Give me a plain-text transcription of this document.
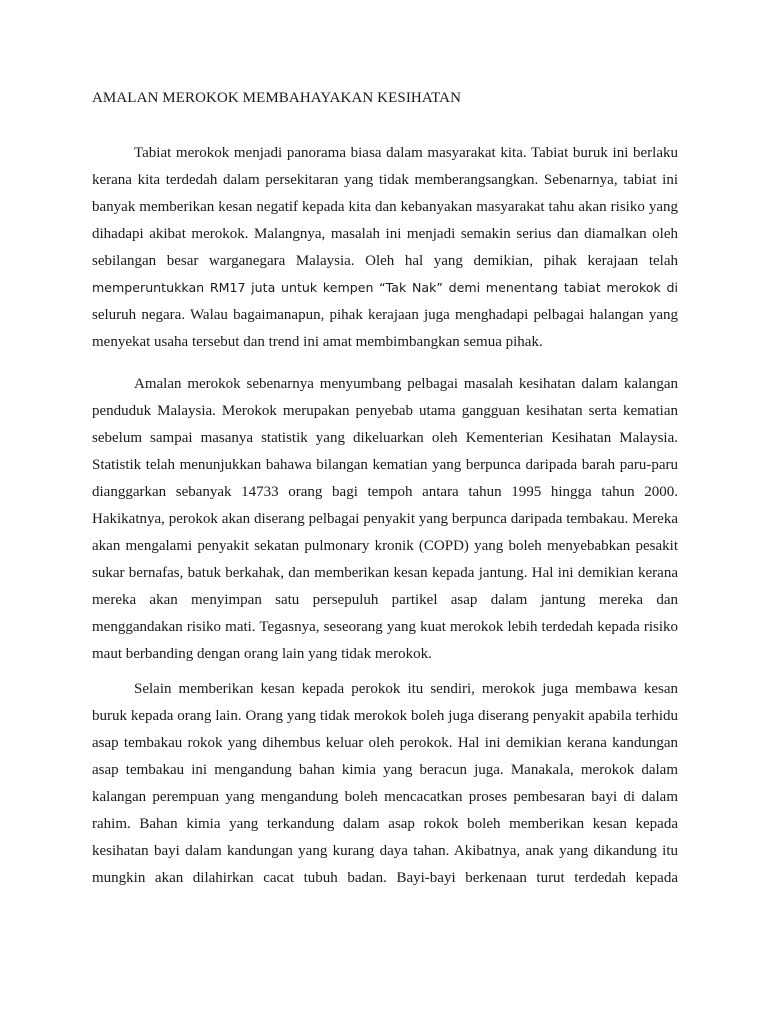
AMALAN MEROKOK MEMBAHAYAKAN KESIHATAN
Tabiat merokok menjadi panorama biasa dalam masyarakat kita. Tabiat buruk ini berlaku
kerana kita terdedah dalam persekitaran yang tidak memberangsangkan. Sebenarnya, tabiat ini
banyak memberikan kesan negatif kepada kita dan kebanyakan masyarakat tahu akan risiko yang
dihadapi akibat merokok. Malangnya, masalah ini menjadi semakin serius dan diamalkan oleh
sebilangan besar warganegara Malaysia. Oleh hal yang demikian, pihak kerajaan telah
memperuntukkan RM17 juta untuk kempen “Tak Nak” demi menentang tabiat merokok di
seluruh negara. Walau bagaimanapun, pihak kerajaan juga menghadapi pelbagai halangan yang
menyekat usaha tersebut dan trend ini amat membimbangkan semua pihak.
Amalan merokok sebenarnya menyumbang pelbagai masalah kesihatan dalam kalangan
penduduk Malaysia. Merokok merupakan penyebab utama gangguan kesihatan serta kematian
sebelum sampai masanya statistik yang dikeluarkan oleh Kementerian Kesihatan Malaysia.
Statistik telah menunjukkan bahawa bilangan kematian yang berpunca daripada barah paru-paru
dianggarkan sebanyak 14733 orang bagi tempoh antara tahun 1995 hingga tahun 2000.
Hakikatnya, perokok akan diserang pelbagai penyakit yang berpunca daripada tembakau. Mereka
akan mengalami penyakit sekatan pulmonary kronik (COPD) yang boleh menyebabkan pesakit
sukar bernafas, batuk berkahak, dan memberikan kesan kepada jantung. Hal ini demikian kerana
mereka akan menyimpan satu persepuluh partikel asap dalam jantung mereka dan
menggandakan risiko mati. Tegasnya, seseorang yang kuat merokok lebih terdedah kepada risiko
maut berbanding dengan orang lain yang tidak merokok.
Selain memberikan kesan kepada perokok itu sendiri, merokok juga membawa kesan
buruk kepada orang lain. Orang yang tidak merokok boleh juga diserang penyakit apabila terhidu
asap tembakau rokok yang dihembus keluar oleh perokok. Hal ini demikian kerana kandungan
asap tembakau ini mengandung bahan kimia yang beracun juga. Manakala, merokok dalam
kalangan perempuan yang mengandung boleh mencacatkan proses pembesaran bayi di dalam
rahim. Bahan kimia yang terkandung dalam asap rokok boleh memberikan kesan kepada
kesihatan bayi dalam kandungan yang kurang daya tahan. Akibatnya, anak yang dikandung itu
mungkin akan dilahirkan cacat tubuh badan. Bayi-bayi berkenaan turut terdedah kepada
